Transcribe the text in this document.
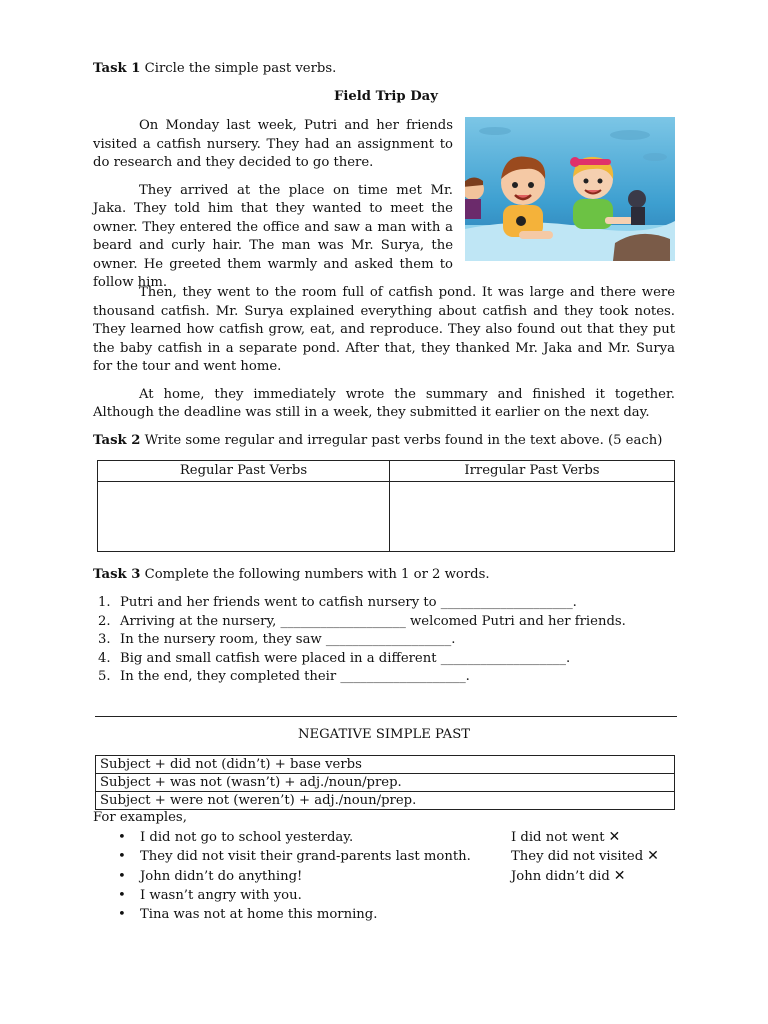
Task 1 Circle the simple past verbs.
Field Trip Day

On Monday last week, Putri and her friends visited a catfish nursery. They had an assignment to do research and they decided to go there.

They arrived at the place on time met Mr. Jaka. They told him that they wanted to meet the owner. They entered the office and saw a man with a beard and curly hair. The man was Mr. Surya, the owner. He greeted them warmly and asked them to follow him.

Then, they went to the room full of catfish pond. It was large and there were thousand catfish. Mr. Surya explained everything about catfish and they took notes. They learned how catfish grow, eat, and reproduce. They also found out that they put the baby catfish in a separate pond. After that, they thanked Mr. Jaka and Mr. Surya for the tour and went home.

At home, they immediately wrote the summary and finished it together. Although the deadline was still in a week, they submitted it earlier on the next day.

Task 2 Write some regular and irregular past verbs found in the text above. (5 each)
Regular Past Verbs	Irregular Past Verbs

Task 3 Complete the following numbers with 1 or 2 words.
1. Putri and her friends went to catfish nursery to ____________________.
2. Arriving at the nursery, ___________________ welcomed Putri and her friends.
3. In the nursery room, they saw ___________________.
4. Big and small catfish were placed in a different ___________________.
5. In the end, they completed their ___________________.
NEGATIVE SIMPLE PAST
Subject + did not (didn’t) + base verbs
Subject + was not (wasn’t) + adj./noun/prep.
Subject + were not (weren’t) + adj./noun/prep.
For examples,
• I did not go to school yesterday.
• They did not visit their grand-parents last month.
• John didn’t do anything!
• I wasn’t angry with you.
• Tina was not at home this morning.
I did not went ✕
They did not visited ✕
John didn’t did ✕
